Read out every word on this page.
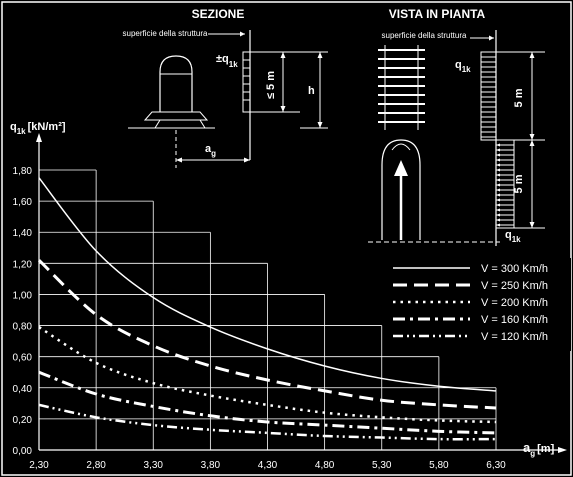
SEZIONE
superficie della struttura
$\pm q_{1k}$
≤ 5 m	h
$a_g$
VISTA IN PIANTA
superficie della struttura
$q_{1k}$
$q_{1k}$
5 m
5 m
0,00
0,20
0,40
0,60
0,80
1,00
1,20
1,40
1,60
1,80
2,30	2,80	3,30	3,80	4,30	4,80	5,30	5,80	6,30
V = 300 Km/h
V = 250 Km/h
V = 200 Km/h
V = 160 Km/h
V = 120 Km/h
$q_{1k}$ [kN/m²]
$a_g$ [m]
